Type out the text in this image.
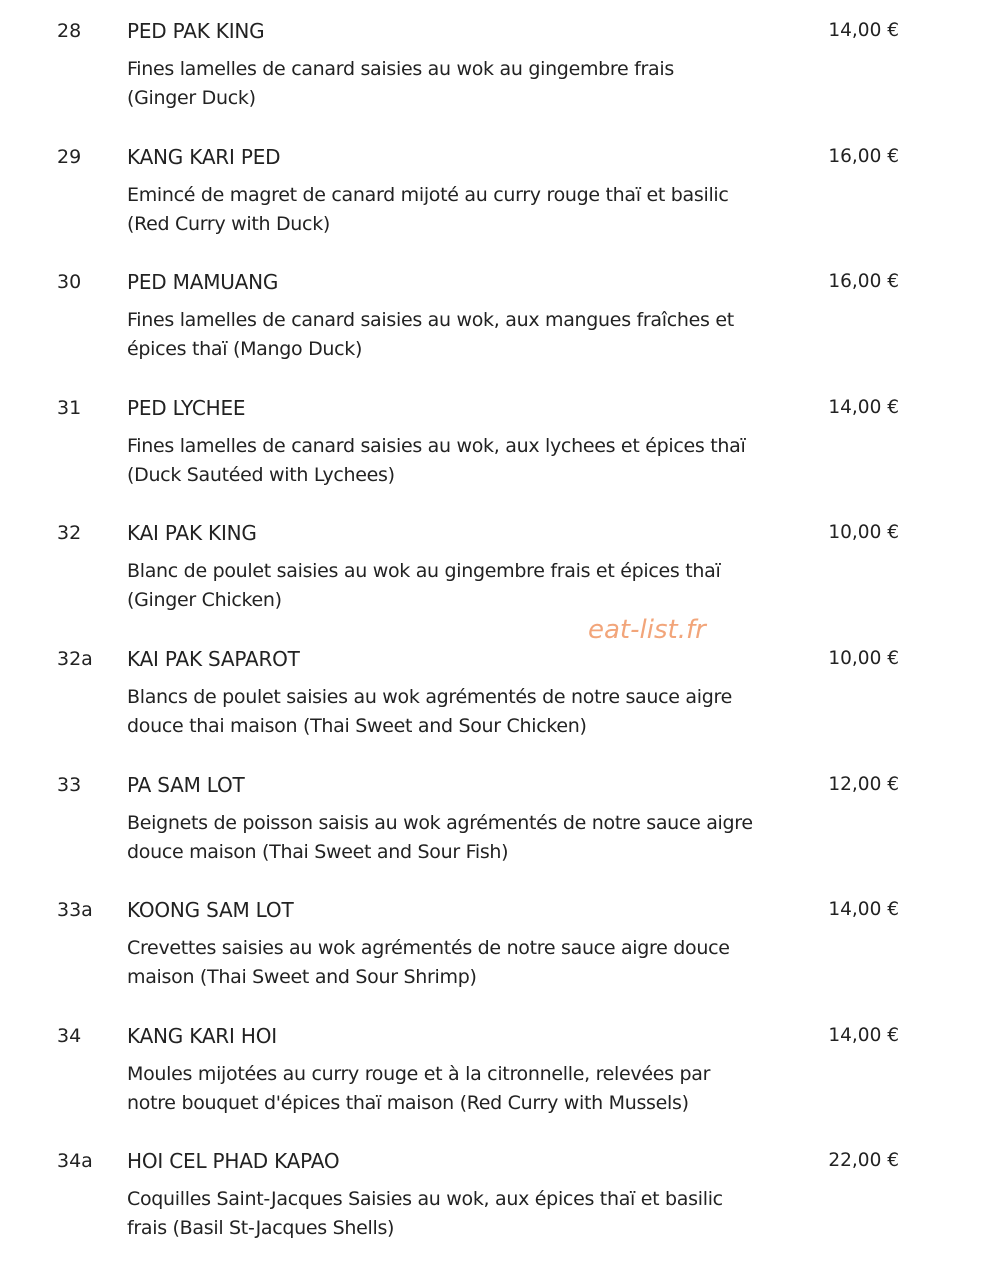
28 PED PAK KING	14,00 €
Fines lamelles de canard saisies au wok au gingembre frais
(Ginger Duck)
29 KANG KARI PED	16,00 €
Emincé de magret de canard mijoté au curry rouge thaï et basilic
(Red Curry with Duck)
30 PED MAMUANG	16,00 €
Fines lamelles de canard saisies au wok, aux mangues fraîches et
épices thaï (Mango Duck)
31 PED LYCHEE	14,00 €
Fines lamelles de canard saisies au wok, aux lychees et épices thaï
(Duck Sautéed with Lychees)
32 KAI PAK KING	10,00 €
Blanc de poulet saisies au wok au gingembre frais et épices thaï
(Ginger Chicken)
32a KAI PAK SAPAROT	10,00 €
Blancs de poulet saisies au wok agrémentés de notre sauce aigre
douce thai maison (Thai Sweet and Sour Chicken)
33 PA SAM LOT	12,00 €
Beignets de poisson saisis au wok agrémentés de notre sauce aigre
douce maison (Thai Sweet and Sour Fish)
33a KOONG SAM LOT	14,00 €
Crevettes saisies au wok agrémentés de notre sauce aigre douce
maison (Thai Sweet and Sour Shrimp)
34 KANG KARI HOI	14,00 €
Moules mijotées au curry rouge et à la citronnelle, relevées par
notre bouquet d'épices thaï maison (Red Curry with Mussels)
34a HOI CEL PHAD KAPAO	22,00 €
Coquilles Saint-Jacques Saisies au wok, aux épices thaï et basilic
frais (Basil St-Jacques Shells)
eat-list.fr
